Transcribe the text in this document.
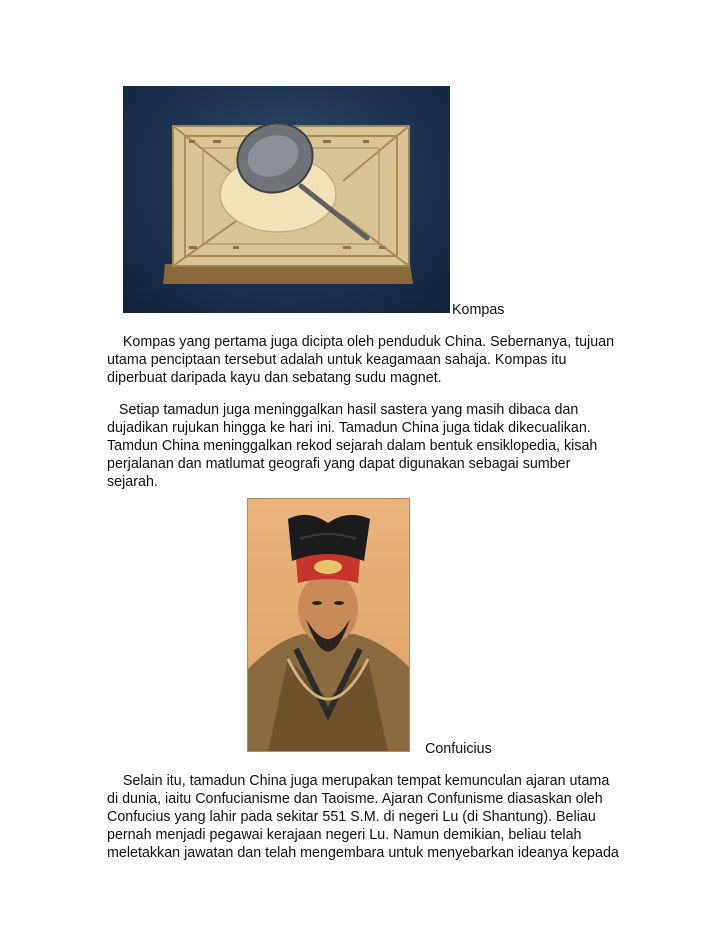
Kompas
Kompas yang pertama juga dicipta oleh penduduk China. Sebernanya, tujuan
utama penciptaan tersebut adalah untuk keagamaan sahaja. Kompas itu
diperbuat daripada kayu dan sebatang sudu magnet.
Setiap tamadun juga meninggalkan hasil sastera yang masih dibaca dan
dujadikan rujukan hingga ke hari ini. Tamadun China juga tidak dikecualikan.
Tamdun China meninggalkan rekod sejarah dalam bentuk ensiklopedia, kisah
perjalanan dan matlumat geografi yang dapat digunakan sebagai sumber
sejarah.
Confuicius
Selain itu, tamadun China juga merupakan tempat kemunculan ajaran utama
di dunia, iaitu Confucianisme dan Taoisme. Ajaran Confunisme diasaskan oleh
Confucius yang lahir pada sekitar 551 S.M. di negeri Lu (di Shantung). Beliau
pernah menjadi pegawai kerajaan negeri Lu. Namun demikian, beliau telah
meletakkan jawatan dan telah mengembara untuk menyebarkan ideanya kepada
